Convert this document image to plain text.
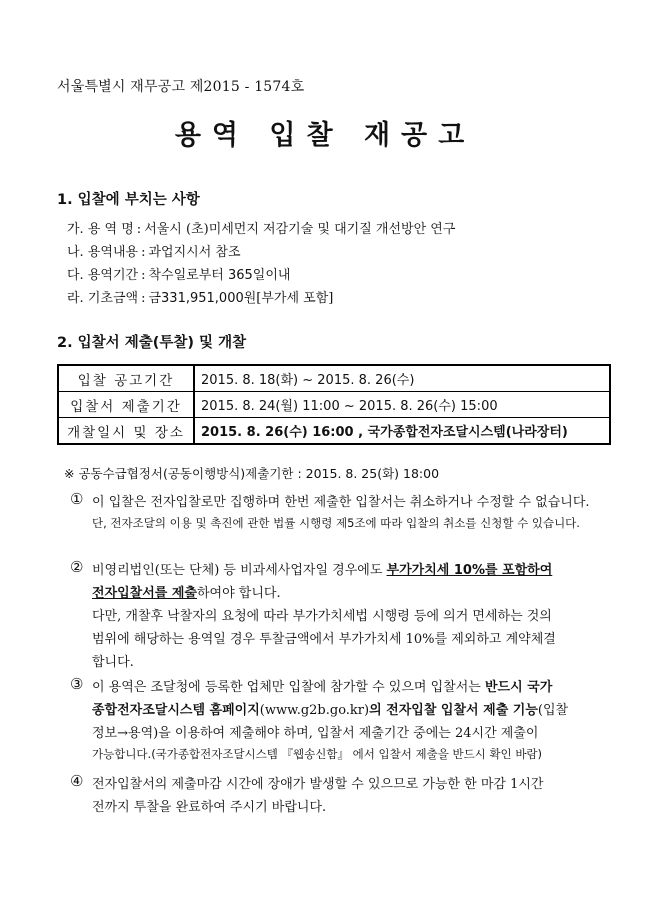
서울특별시 재무공고 제2015 - 1574호
용역 입찰 재공고
1. 입찰에 부치는 사항
가. 용 역 명 : 서울시 (초)미세먼지 저감기술 및 대기질 개선방안 연구
나. 용역내용 : 과업지시서 참조
다. 용역기간 : 착수일로부터 365일이내
라. 기초금액 : 금331,951,000원[부가세 포함]
2. 입찰서 제출(투찰) 및 개찰
입찰 공고기간	2015. 8. 18(화) ~ 2015. 8. 26(수)
입찰서 제출기간	2015. 8. 24(월) 11:00 ~ 2015. 8. 26(수) 15:00
개찰일시 및 장소	2015. 8. 26(수) 16:00 , 국가종합전자조달시스템(나라장터)
※ 공동수급협정서(공동이행방식)제출기한 : 2015. 8. 25(화) 18:00
① 이 입찰은 전자입찰로만 집행하며 한번 제출한 입찰서는 취소하거나 수정할 수 없습니다.
단, 전자조달의 이용 및 촉진에 관한 법률 시행령 제5조에 따라 입찰의 취소를 신청할 수 있습니다.
② 비영리법인(또는 단체) 등 비과세사업자일 경우에도 부가가치세 10%를 포함하여
전자입찰서를 제출하여야 합니다.
다만, 개찰후 낙찰자의 요청에 따라 부가가치세법 시행령 등에 의거 면세하는 것의
범위에 해당하는 용역일 경우 투찰금액에서 부가가치세 10%를 제외하고 계약체결
합니다.
③ 이 용역은 조달청에 등록한 업체만 입찰에 참가할 수 있으며 입찰서는 반드시 국가
종합전자조달시스템 홈페이지(www.g2b.go.kr)의 전자입찰 입찰서 제출 기능(입찰
정보→용역)을 이용하여 제출해야 하며, 입찰서 제출기간 중에는 24시간 제출이
가능합니다.(국가종합전자조달시스템 『웹송신함』 에서 입찰서 제출을 반드시 확인 바람)
④ 전자입찰서의 제출마감 시간에 장애가 발생할 수 있으므로 가능한 한 마감 1시간
전까지 투찰을 완료하여 주시기 바랍니다.
